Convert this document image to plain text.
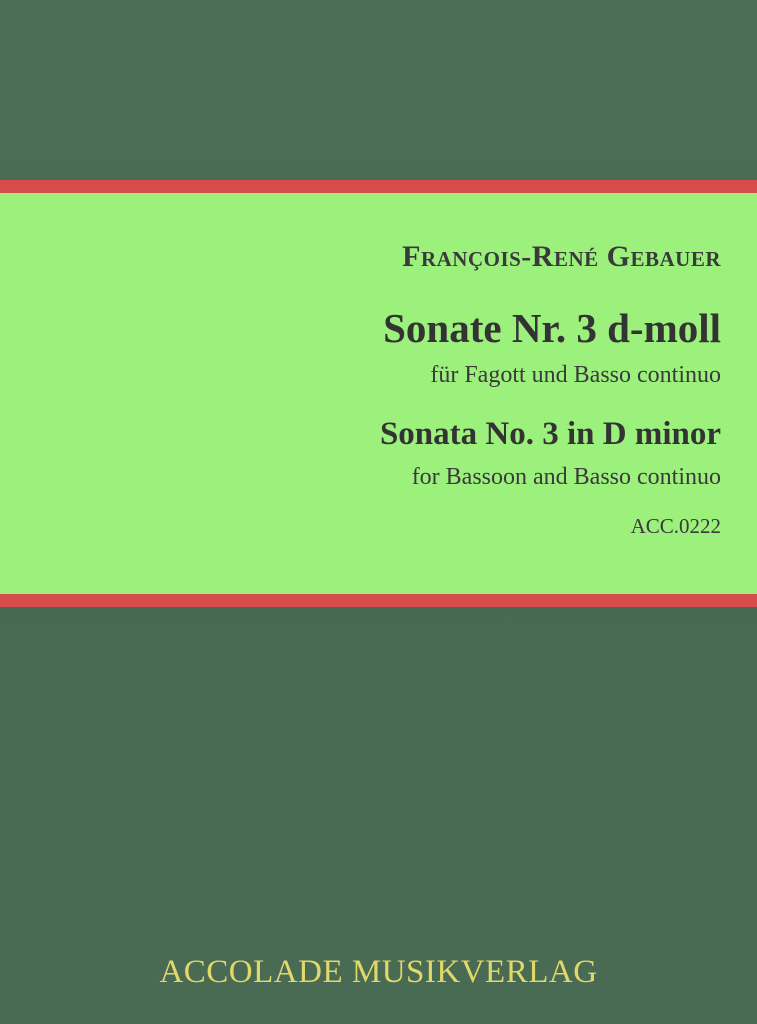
François-René Gebauer
Sonate Nr. 3 d-moll
für Fagott und Basso continuo
Sonata No. 3 in D minor
for Bassoon and Basso continuo
ACC.0222
ACCOLADE MUSIKVERLAG
